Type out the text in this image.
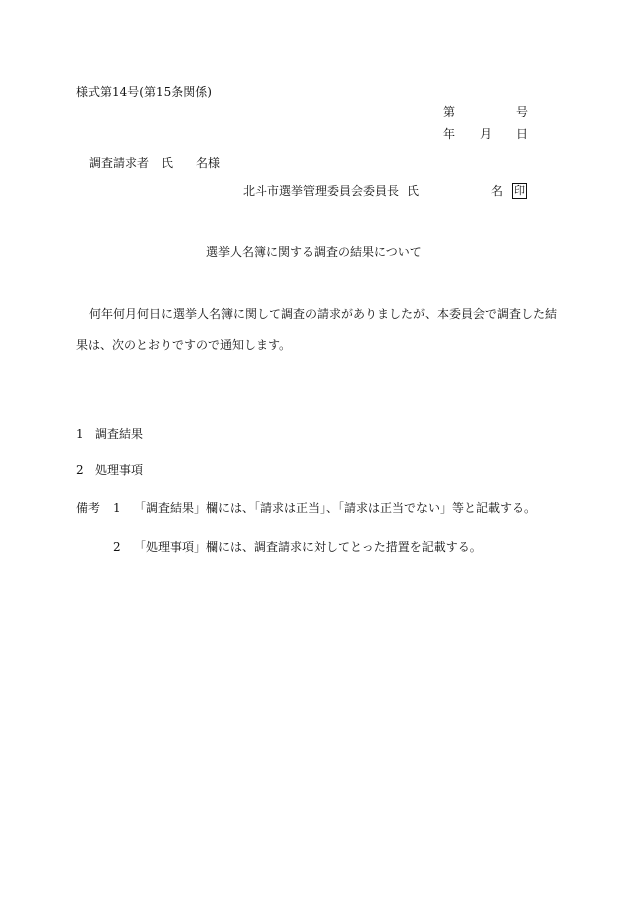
様式第14号(第15条関係)
第	号
年 月 日
調査請求者 氏 名様
北斗市選挙管理委員会委員長 氏	名 印
選挙人名簿に関する調査の結果について
何年何月何日に選挙人名簿に関して調査の請求がありましたが、本委員会で調査した結
果は、次のとおりですので通知します。
1 調査結果
2 処理事項
備考 1 「調査結果」欄には、「請求は正当」、「請求は正当でない」等と記載する。
2 「処理事項」欄には、調査請求に対してとった措置を記載する。
